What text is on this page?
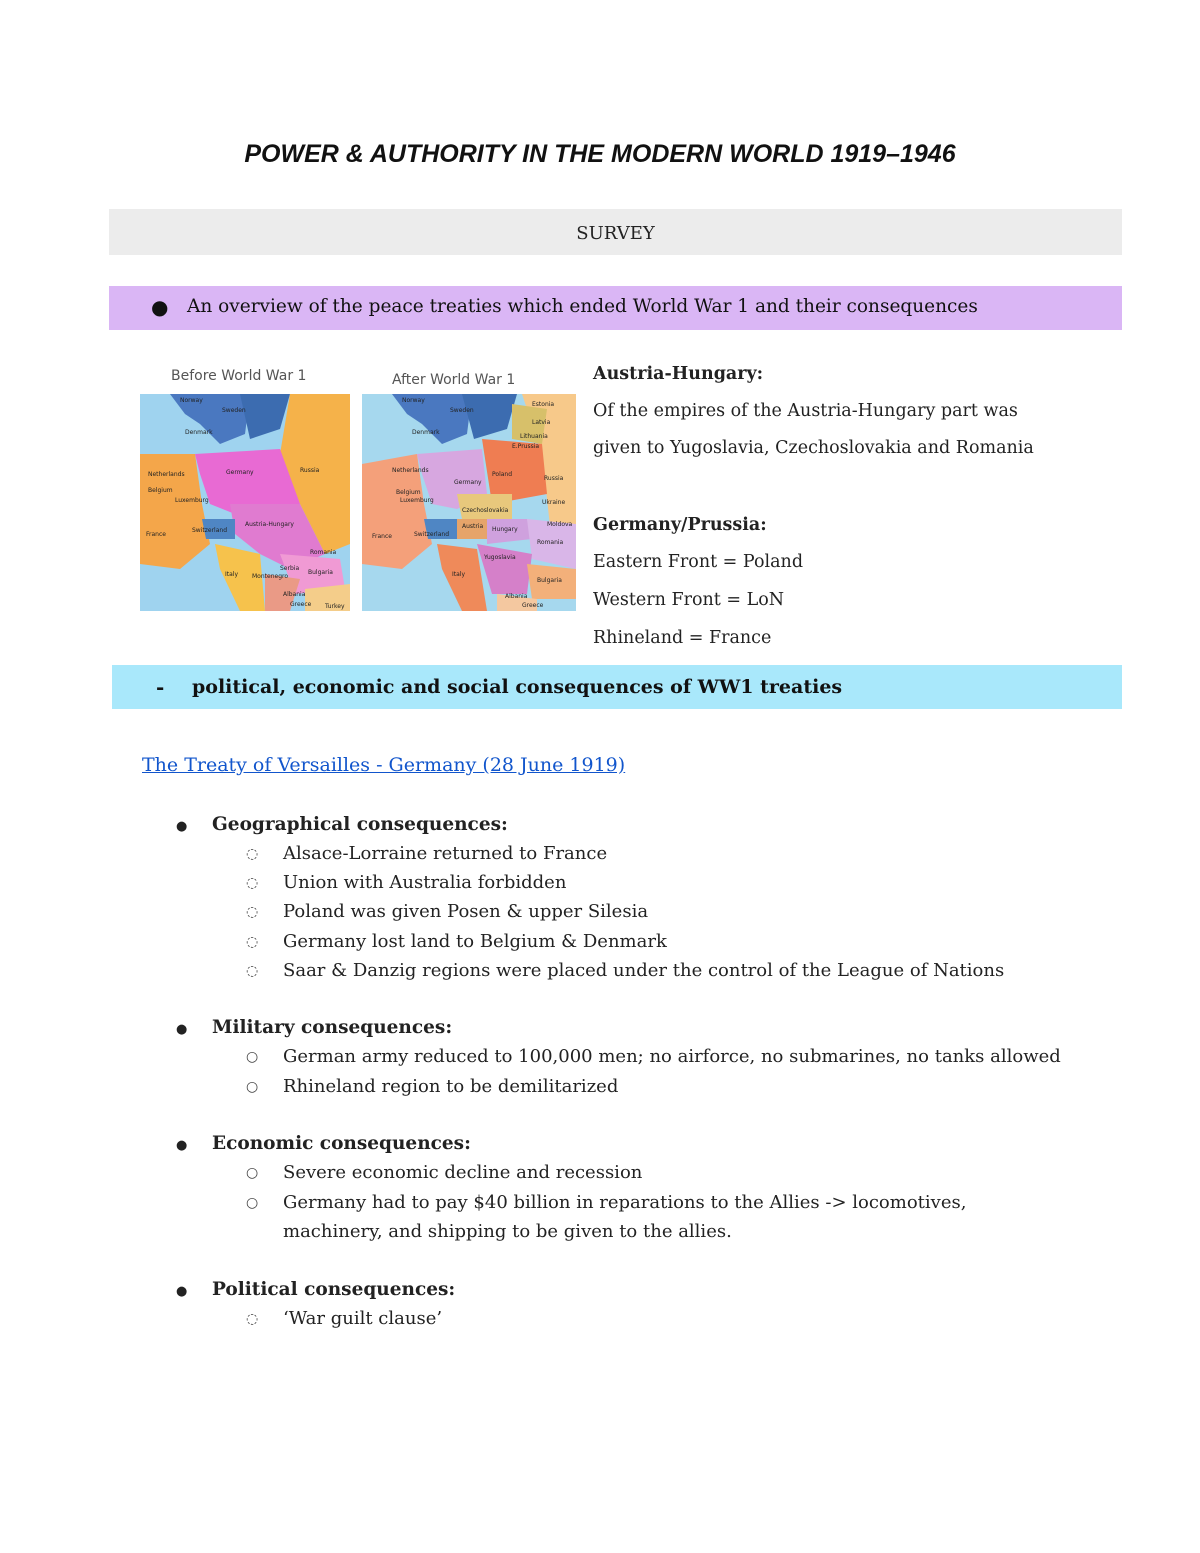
POWER & AUTHORITY IN THE MODERN WORLD 1919–1946
SURVEY
● An overview of the peace treaties which ended World War 1 and their consequences
Before World War 1
Norway
Sweden
Denmark
Netherlands
Belgium
Luxemburg
Germany	Russia
France
Switzerland
Austria-Hungary
Romania
Italy Montenegro
Serbia
Bulgaria
Albania
Greece Turkey
After World War 1
Norway
Sweden
Estonia
Latvia
Lithuania
E.Prussia
Denmark
Netherlands
Germany
Poland
Russia
Belgium
Luxemburg
Czechoslovakia
Ukraine
France	Switzerland
Austria Hungary
Romania
Moldova
Italy
Yugoslavia
Bulgaria
Albania
Greece
Austria-Hungary:
Of the empires of the Austria-Hungary part was
given to Yugoslavia, Czechoslovakia and Romania
Germany/Prussia:
Eastern Front = Poland
Western Front = LoN
Rhineland = France
- political, economic and social consequences of WW1 treaties
The Treaty of Versailles - Germany (28 June 1919)
● Geographical consequences:
◌ Alsace-Lorraine returned to France
◌ Union with Australia forbidden
◌ Poland was given Posen & upper Silesia
◌ Germany lost land to Belgium & Denmark
◌ Saar & Danzig regions were placed under the control of the League of Nations
● Military consequences:
○ German army reduced to 100,000 men; no airforce, no submarines, no tanks allowed
○ Rhineland region to be demilitarized
● Economic consequences:
○ Severe economic decline and recession
○ Germany had to pay $40 billion in reparations to the Allies -> locomotives,
machinery, and shipping to be given to the allies.
● Political consequences:
◌ ‘War guilt clause’
